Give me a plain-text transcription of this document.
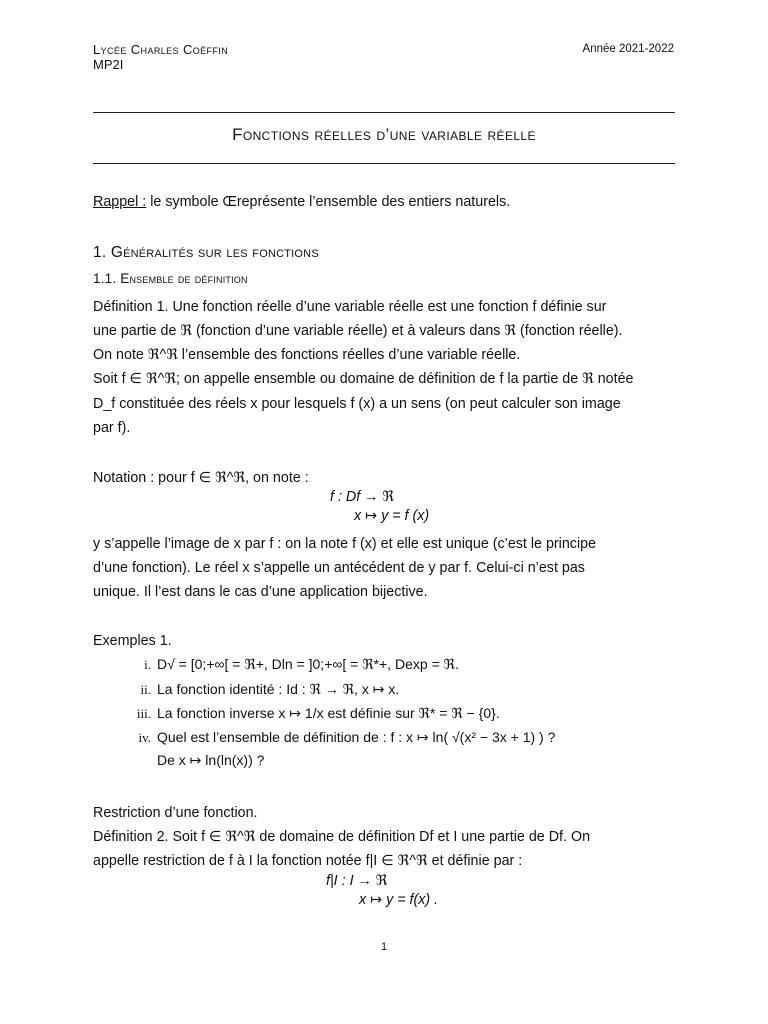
Lycée Charles Coëffin
MP2I
Année 2021-2022
Fonctions réelles d’une variable réelle
Rappel : le symbole Œreprésente l’ensemble des entiers naturels.
1. Généralités sur les fonctions
1.1. Ensemble de définition
Définition 1. Une fonction réelle d’une variable réelle est une fonction f définie sur
une partie de ℜ (fonction d’une variable réelle) et à valeurs dans ℜ (fonction réelle).
On note ℜ^ℜ l’ensemble des fonctions réelles d’une variable réelle.
Soit f ∈ ℜ^ℜ; on appelle ensemble ou domaine de définition de f la partie de ℜ notée
D_f constituée des réels x pour lesquels f (x) a un sens (on peut calculer son image
par f).
Notation : pour f ∈ ℜ^ℜ, on note :
f : Df → ℜ
x ↦ y = f (x)
y s’appelle l’image de x par f : on la note f (x) et elle est unique (c’est le principe
d’une fonction). Le réel x s’appelle un antécédent de y par f. Celui-ci n’est pas
unique. Il l’est dans le cas d’une application bijective.
Exemples 1.
i. D√ = [0;+∞[ = ℜ+, Dln = ]0;+∞[ = ℜ*+, Dexp = ℜ.
ii. La fonction identité : Id : ℜ → ℜ, x ↦ x.
iii. La fonction inverse x ↦ 1/x est définie sur ℜ* = ℜ − {0}.
iv. Quel est l’ensemble de définition de : f : x ↦ ln( √(x² − 3x + 1) ) ?
De x ↦ ln(ln(x)) ?
Restriction d’une fonction.
Définition 2. Soit f ∈ ℜ^ℜ de domaine de définition Df et I une partie de Df. On
appelle restriction de f à I la fonction notée f|I ∈ ℜ^ℜ et définie par :
f|I : I → ℜ
x ↦ y = f(x) .
1
